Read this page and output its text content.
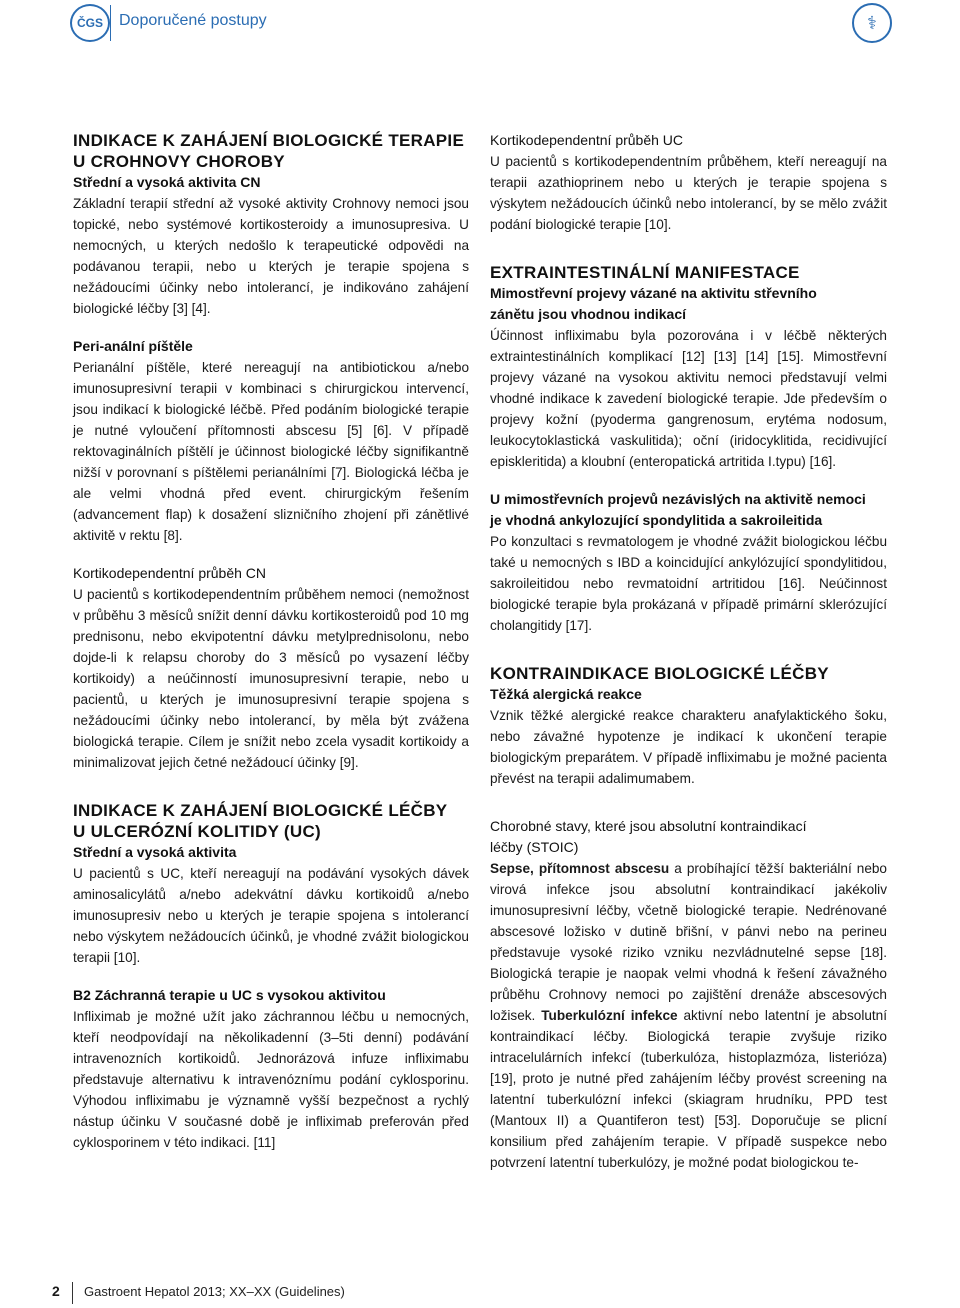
ČGS	Doporučené postupy	⚕
INDIKACE K ZAHÁJENÍ BIOLOGICKÉ TERAPIE
U CROHNOVY CHOROBY
Střední a vysoká aktivita CN

Základní terapií střední až vysoké aktivity Crohnovy nemoci jsou topické, nebo systémové kortikosteroidy a imunosupresiva. U nemocných, u kterých nedošlo k terapeutické odpovědi na podávanou terapii, nebo u kterých je terapie spojena s nežádoucími účinky nebo intolerancí, je indikováno zahájení biologické léčby [3] [4].

Peri-anální píštěle

Perianální píštěle, které nereagují na antibiotickou a/nebo imunosupresivní terapii v kombinaci s chirurgickou intervencí, jsou indikací k biologické léčbě. Před podáním biologické terapie je nutné vyloučení přítomnosti abscesu [5] [6]. V případě rektovaginálních píštělí je účinnost biologické léčby signifikantně nižší v porovnaní s píštělemi perianálními [7]. Biologická léčba je ale velmi vhodná před event. chirurgickým řešením (advancement flap) k dosažení slizničního zhojení při zánětlivé aktivitě v rektu [8].

Kortikodependentní průběh CN

U pacientů s kortikodependentním průběhem nemoci (nemožnost v průběhu 3 měsíců snížit denní dávku kortikosteroidů pod 10 mg prednisonu, nebo ekvipotentní dávku metylprednisolonu, nebo dojde-li k relapsu choroby do 3 měsíců po vysazení léčby kortikoidy) a neúčinností imunosupresivní terapie, nebo u pacientů, u kterých je imunosupresivní terapie spojena s nežádoucími účinky nebo intolerancí, by měla být zvážena biologická terapie. Cílem je snížit nebo zcela vysadit kortikoidy a minimalizovat jejich četné nežádoucí účinky [9].

INDIKACE K ZAHÁJENÍ BIOLOGICKÉ LÉČBY
U ULCERÓZNÍ KOLITIDY (UC)
Střední a vysoká aktivita

U pacientů s UC, kteří nereagují na podávání vysokých dávek aminosalicylátů a/nebo adekvátní dávku kortikoidů a/nebo imunosupresiv nebo u kterých je terapie spojena s intolerancí nebo výskytem nežádoucích účinků, je vhodné zvážit biologickou terapii [10].

B2 Záchranná terapie u UC s vysokou aktivitou

Infliximab je možné užít jako záchrannou léčbu u nemocných, kteří neodpovídají na několikadenní (3–5ti denní) podávání intravenozních kortikoidů. Jednorázová infuze infliximabu představuje alternativu k intravenóznímu podání cyklosporinu. Výhodou infliximabu je významně vyšší bezpečnost a rychlý nástup účinku V současné době je infliximab preferován před cyklosporinem v této indikaci. [11]

Kortikodependentní průběh UC

U pacientů s kortikodependentním průběhem, kteří nereagují na terapii azathioprinem nebo u kterých je terapie spojena s výskytem nežádoucích účinků nebo intolerancí, by se mělo zvážit podání biologické terapie [10].

EXTRAINTESTINÁLNÍ MANIFESTACE
Mimostřevní projevy vázané na aktivitu střevního
zánětu jsou vhodnou indikací

Účinnost infliximabu byla pozorována i v léčbě některých extraintestinálních komplikací [12] [13] [14] [15]. Mimostřevní projevy vázané na vysokou aktivitu nemoci představují velmi vhodné indikace k zavedení biologické terapie. Jde především o projevy kožní (pyoderma gangrenosum, erytéma nodosum, leukocytoklastická vaskulitida); oční (iridocyklitida, recidivující episkleritida) a kloubní (enteropatická artritida I.typu) [16].

U mimostřevních projevů nezávislých na aktivitě nemoci
je vhodná ankylozující spondylitida a sakroileitida

Po konzultaci s revmatologem je vhodné zvážit biologickou léčbu také u nemocných s IBD a koincidující ankylózující spondylitidou, sakroileitidou nebo revmatoidní artritidou [16]. Neúčinnost biologické terapie byla prokázaná v případě primární sklerózující cholangitidy [17].

KONTRAINDIKACE BIOLOGICKÉ LÉČBY
Těžká alergická reakce

Vznik těžké alergické reakce charakteru anafylaktického šoku, nebo závažné hypotenze je indikací k ukončení terapie biologickým preparátem. V případě infliximabu je možné pacienta převést na terapii adalimumabem.

Chorobné stavy, které jsou absolutní kontraindikací
léčby (STOIC)

Sepse, přítomnost abscesu a probíhající těžší bakteriální nebo virová infekce jsou absolutní kontraindikací jakékoliv imunosupresivní léčby, včetně biologické terapie. Nedrénované abscesové ložisko v dutině břišní, v pánvi nebo na perineu představuje vysoké riziko vzniku nezvládnutelné sepse [18]. Biologická terapie je naopak velmi vhodná k řešení závažného průběhu Crohnovy nemoci po zajištění drenáže abscesových ložisek. Tuberkulózní infekce aktivní nebo latentní je absolutní kontraindikací léčby. Biologická terapie zvyšuje riziko intracelulárních infekcí (tuberkulóza, histoplazmóza, listerióza) [19], proto je nutné před zahájením léčby provést screening na latentní tuberkulózní infekci (skiagram hrudníku, PPD test (Mantoux II) a Quantiferon test) [53]. Doporučuje se plicní konsilium před zahájením terapie. V případě suspekce nebo potvrzení latentní tuberkulózy, je možné podat biologickou te-

2 Gastroent Hepatol 2013; XX–XX (Guidelines)
